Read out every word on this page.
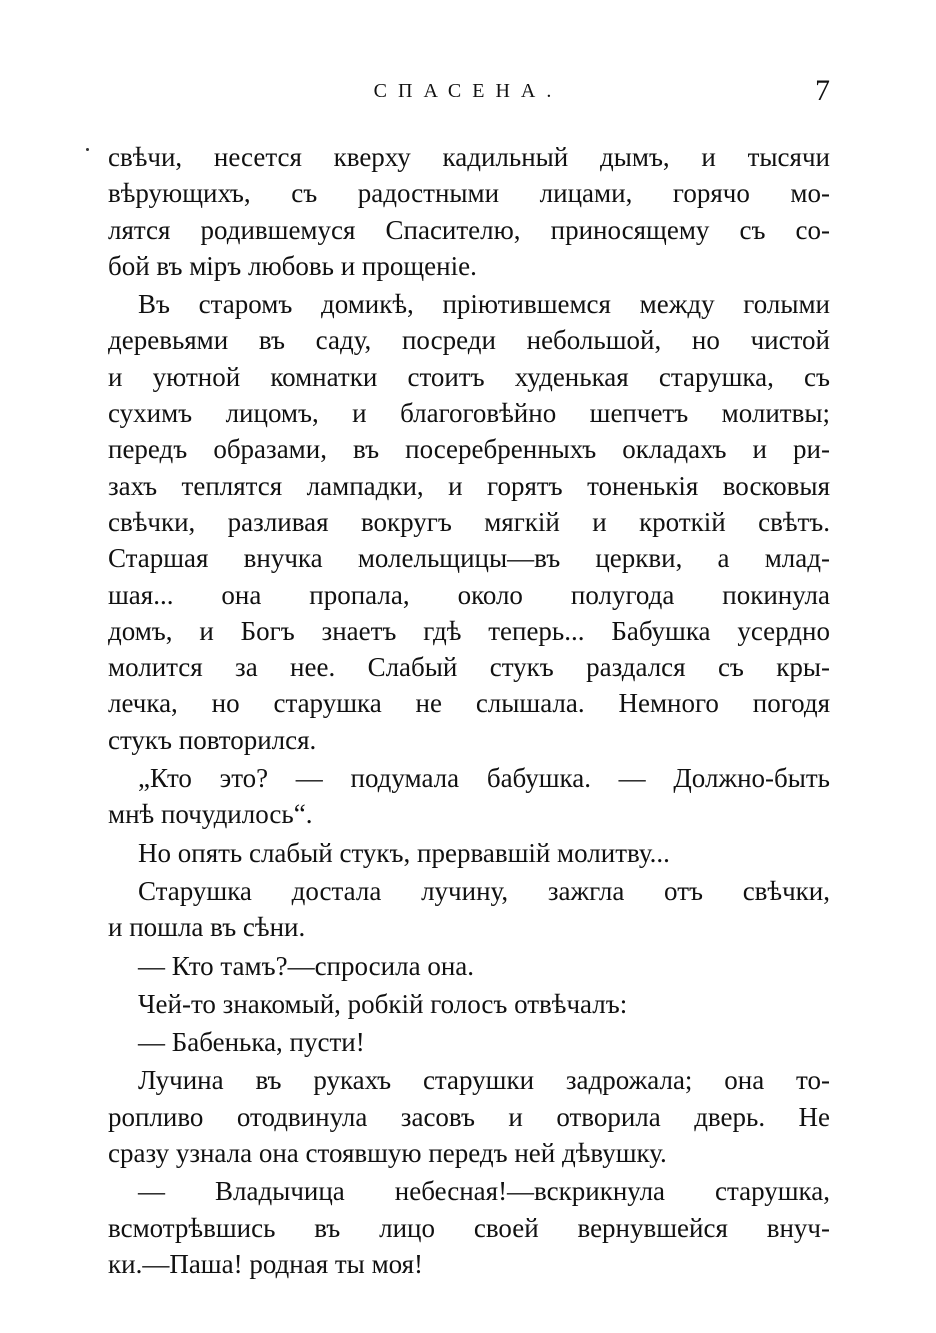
СПАСЕНА.	7
свѣчи, несется кверху кадильный дымъ, и тысячи
вѣрующихъ, съ радостными лицами, горячо мо-
лятся родившемуся Спасителю, приносящему съ со-
бой въ міръ любовь и прощеніе.
Въ старомъ домикѣ, пріютившемся между голыми
деревьями въ саду, посреди небольшой, но чистой
и уютной комнатки стоитъ худенькая старушка, съ
сухимъ лицомъ, и благоговѣйно шепчетъ молитвы;
передъ образами, въ посеребренныхъ окладахъ и ри-
захъ теплятся лампадки, и горятъ тоненькія восковыя
свѣчки, разливая вокругъ мягкій и кроткій свѣтъ.
Старшая внучка молельщицы—въ церкви, а млад-
шая... она пропала, около полугода покинула
домъ, и Богъ знаетъ гдѣ теперь... Бабушка усердно
молится за нее. Слабый стукъ раздался съ кры-
лечка, но старушка не слышала. Немного погодя
стукъ повторился.
„Кто это? — подумала бабушка. — Должно-быть
мнѣ почудилось“.
Но опять слабый стукъ, прервавшій молитву...
Старушка достала лучину, зажгла отъ свѣчки,
и пошла въ сѣни.
— Кто тамъ?—спросила она.
Чей-то знакомый, робкій голосъ отвѣчалъ:
— Бабенька, пусти!
Лучина въ рукахъ старушки задрожала; она то-
ропливо отодвинула засовъ и отворила дверь. Не
сразу узнала она стоявшую передъ ней дѣвушку.
— Владычица небесная!—вскрикнула старушка,
всмотрѣвшись въ лицо своей вернувшейся внуч-
ки.—Паша! родная ты моя!
